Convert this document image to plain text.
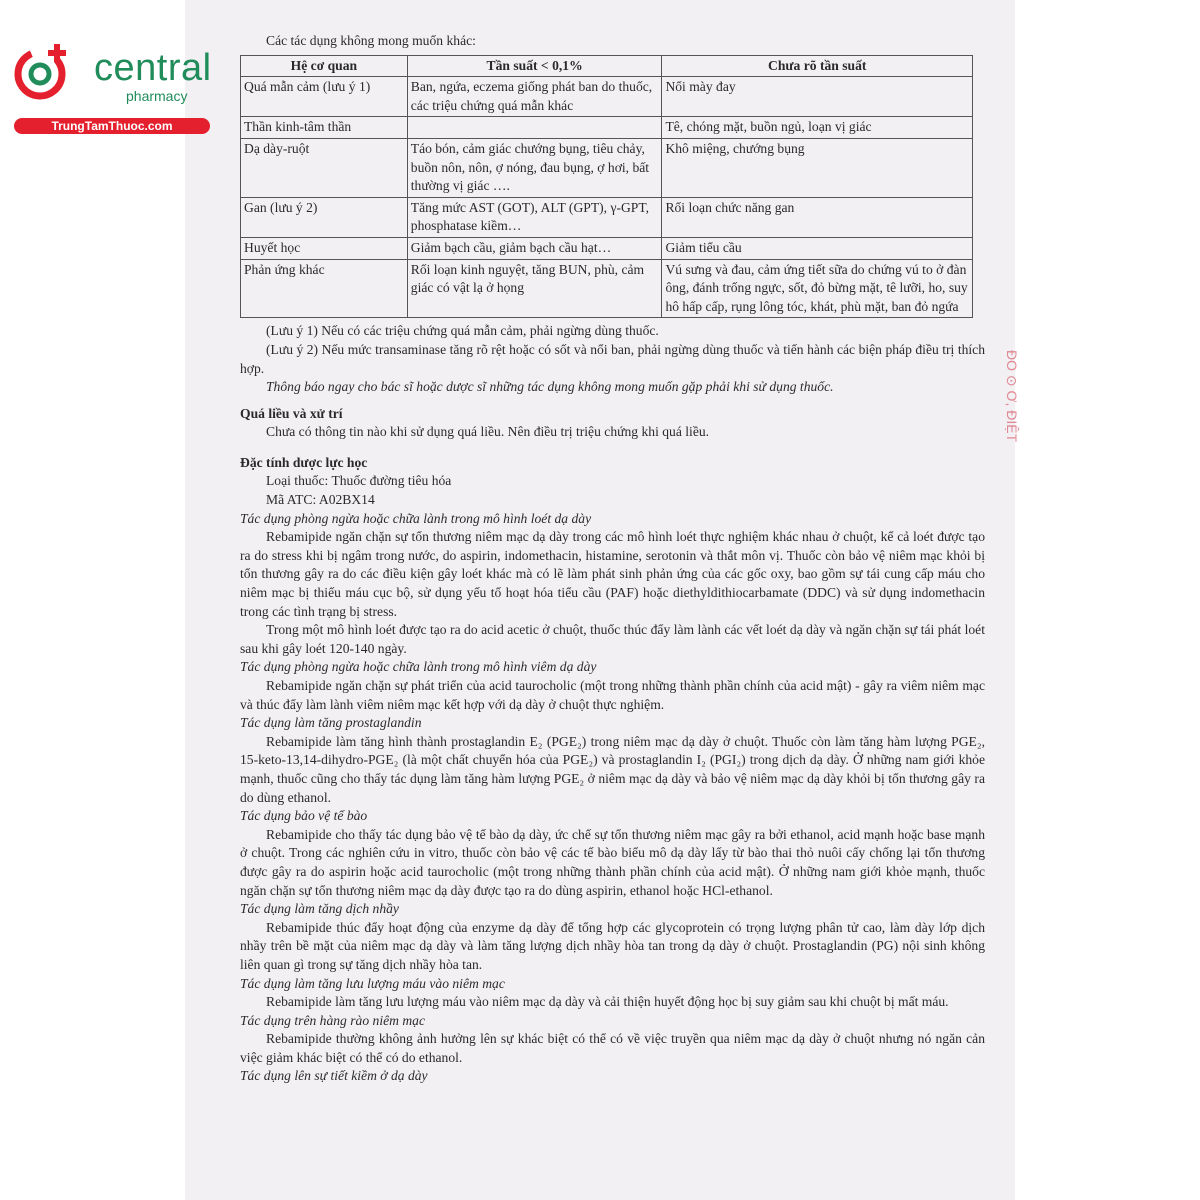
central
pharmacy
TrungTamThuoc.com
ĐO ⊙ Ơ, ĐIỆT

Các tác dụng không mong muốn khác:

Hệ cơ quan	Tần suất < 0,1%	Chưa rõ tần suất
Quá mẫn cảm (lưu ý 1)	Ban, ngứa, eczema giống phát ban do thuốc, các triệu chứng quá mẫn khác	Nổi mày đay
Thần kinh-tâm thần		Tê, chóng mặt, buồn ngủ, loạn vị giác
Dạ dày-ruột	Táo bón, cảm giác chướng bụng, tiêu chảy, buồn nôn, nôn, ợ nóng, đau bụng, ợ hơi, bất thường vị giác ….	Khô miệng, chướng bụng
Gan (lưu ý 2)	Tăng mức AST (GOT), ALT (GPT), γ-GPT, phosphatase kiềm…	Rối loạn chức năng gan
Huyết học	Giảm bạch cầu, giảm bạch cầu hạt…	Giảm tiểu cầu
Phản ứng khác	Rối loạn kinh nguyệt, tăng BUN, phù, cảm giác có vật lạ ở họng	Vú sưng và đau, cảm ứng tiết sữa do chứng vú to ở đàn ông, đánh trống ngực, sốt, đỏ bừng mặt, tê lưỡi, ho, suy hô hấp cấp, rụng lông tóc, khát, phù mặt, ban đỏ ngứa

(Lưu ý 1) Nếu có các triệu chứng quá mẫn cảm, phải ngừng dùng thuốc.

(Lưu ý 2) Nếu mức transaminase tăng rõ rệt hoặc có sốt và nổi ban, phải ngừng dùng thuốc và tiến hành các biện pháp điều trị thích hợp.

Thông báo ngay cho bác sĩ hoặc dược sĩ những tác dụng không mong muốn gặp phải khi sử dụng thuốc.

Quá liều và xử trí

Chưa có thông tin nào khi sử dụng quá liều. Nên điều trị triệu chứng khi quá liều.

Đặc tính dược lực học

Loại thuốc: Thuốc đường tiêu hóa

Mã ATC: A02BX14

Tác dụng phòng ngừa hoặc chữa lành trong mô hình loét dạ dày

Rebamipide ngăn chặn sự tổn thương niêm mạc dạ dày trong các mô hình loét thực nghiệm khác nhau ở chuột, kể cả loét được tạo ra do stress khi bị ngâm trong nước, do aspirin, indomethacin, histamine, serotonin và thắt môn vị. Thuốc còn bảo vệ niêm mạc khỏi bị tổn thương gây ra do các điều kiện gây loét khác mà có lẽ làm phát sinh phản ứng của các gốc oxy, bao gồm sự tái cung cấp máu cho niêm mạc bị thiếu máu cục bộ, sử dụng yếu tố hoạt hóa tiểu cầu (PAF) hoặc diethyldithiocarbamate (DDC) và sử dụng indomethacin trong các tình trạng bị stress.

Trong một mô hình loét được tạo ra do acid acetic ở chuột, thuốc thúc đẩy làm lành các vết loét dạ dày và ngăn chặn sự tái phát loét sau khi gây loét 120-140 ngày.

Tác dụng phòng ngừa hoặc chữa lành trong mô hình viêm dạ dày

Rebamipide ngăn chặn sự phát triển của acid taurocholic (một trong những thành phần chính của acid mật) - gây ra viêm niêm mạc và thúc đẩy làm lành viêm niêm mạc kết hợp với dạ dày ở chuột thực nghiệm.

Tác dụng làm tăng prostaglandin

Rebamipide làm tăng hình thành prostaglandin E₂ (PGE₂) trong niêm mạc dạ dày ở chuột. Thuốc còn làm tăng hàm lượng PGE₂, 15-keto-13,14-dihydro-PGE₂ (là một chất chuyển hóa của PGE₂) và prostaglandin I₂ (PGI₂) trong dịch dạ dày. Ở những nam giới khỏe mạnh, thuốc cũng cho thấy tác dụng làm tăng hàm lượng PGE₂ ở niêm mạc dạ dày và bảo vệ niêm mạc dạ dày khỏi bị tổn thương gây ra do dùng ethanol.

Tác dụng bảo vệ tế bào

Rebamipide cho thấy tác dụng bảo vệ tế bào dạ dày, ức chế sự tổn thương niêm mạc gây ra bởi ethanol, acid mạnh hoặc base mạnh ở chuột. Trong các nghiên cứu in vitro, thuốc còn bảo vệ các tế bào biểu mô dạ dày lấy từ bào thai thỏ nuôi cấy chống lại tổn thương được gây ra do aspirin hoặc acid taurocholic (một trong những thành phần chính của acid mật). Ở những nam giới khỏe mạnh, thuốc ngăn chặn sự tổn thương niêm mạc dạ dày được tạo ra do dùng aspirin, ethanol hoặc HCl-ethanol.

Tác dụng làm tăng dịch nhầy

Rebamipide thúc đẩy hoạt động của enzyme dạ dày để tổng hợp các glycoprotein có trọng lượng phân tử cao, làm dày lớp dịch nhầy trên bề mặt của niêm mạc dạ dày và làm tăng lượng dịch nhầy hòa tan trong dạ dày ở chuột. Prostaglandin (PG) nội sinh không liên quan gì trong sự tăng dịch nhầy hòa tan.

Tác dụng làm tăng lưu lượng máu vào niêm mạc

Rebamipide làm tăng lưu lượng máu vào niêm mạc dạ dày và cải thiện huyết động học bị suy giảm sau khi chuột bị mất máu.

Tác dụng trên hàng rào niêm mạc

Rebamipide thường không ảnh hưởng lên sự khác biệt có thể có về việc truyền qua niêm mạc dạ dày ở chuột nhưng nó ngăn cản việc giảm khác biệt có thể có do ethanol.

Tác dụng lên sự tiết kiềm ở dạ dày
